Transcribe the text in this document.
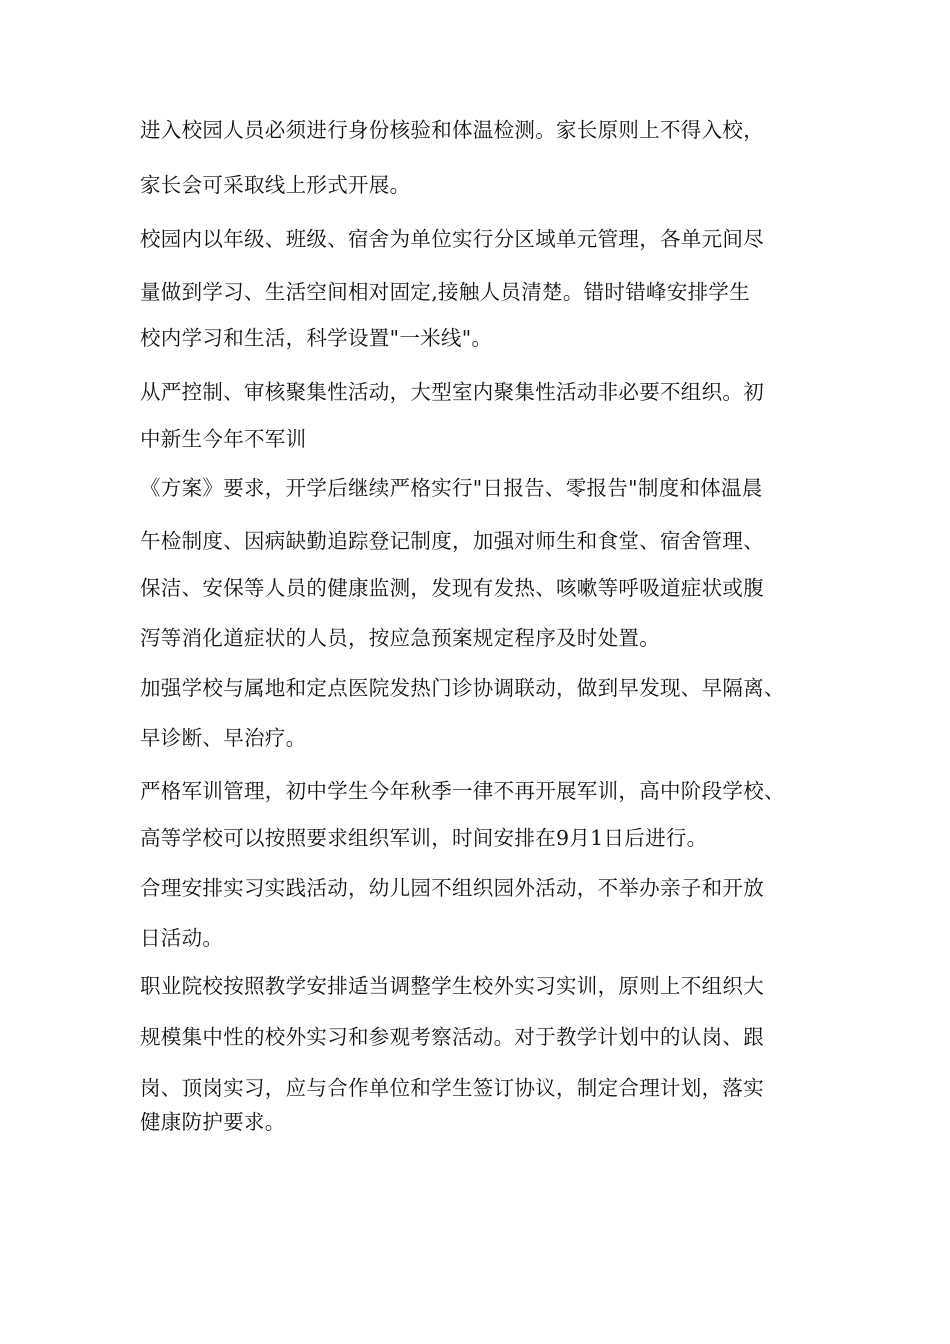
进入校园人员必须进行身份核验和体温检测。家长原则上不得入校，

家长会可采取线上形式开展。

校园内以年级、班级、宿舍为单位实行分区域单元管理，各单元间尽

量做到学习、生活空间相对固定,接触人员清楚。错时错峰安排学生

校内学习和生活，科学设置"一米线"。

从严控制、审核聚集性活动，大型室内聚集性活动非必要不组织。初

中新生今年不军训

《方案》要求，开学后继续严格实行"日报告、零报告"制度和体温晨

午检制度、因病缺勤追踪登记制度，加强对师生和食堂、宿舍管理、

保洁、安保等人员的健康监测，发现有发热、咳嗽等呼吸道症状或腹

泻等消化道症状的人员，按应急预案规定程序及时处置。

加强学校与属地和定点医院发热门诊协调联动，做到早发现、早隔离、

早诊断、早治疗。

严格军训管理，初中学生今年秋季一律不再开展军训，高中阶段学校、

高等学校可以按照要求组织军训，时间安排在9月1日后进行。

合理安排实习实践活动，幼儿园不组织园外活动，不举办亲子和开放

日活动。

职业院校按照教学安排适当调整学生校外实习实训，原则上不组织大

规模集中性的校外实习和参观考察活动。对于教学计划中的认岗、跟

岗、顶岗实习，应与合作单位和学生签订协议，制定合理计划，落实

健康防护要求。
